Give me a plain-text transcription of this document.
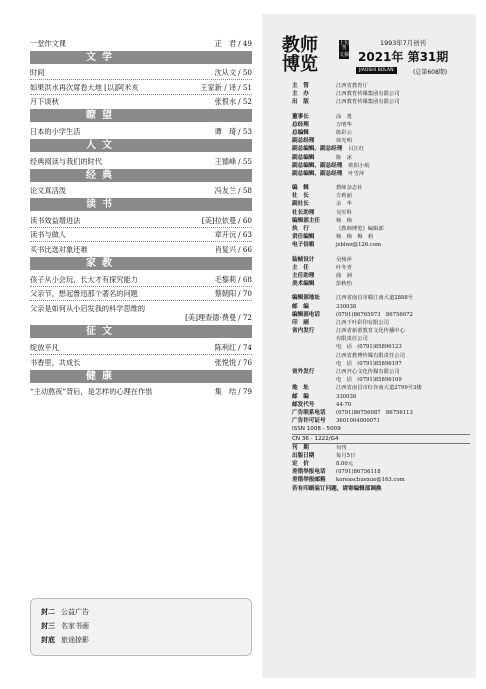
一堂作文课	正　君 / 49
文学
时间	沈从文 / 50
如果洪水再次席卷大地 [以]阿米亥	王家新 / 译 / 51
月下谈秋	张恨水 / 52
瞭望
日本的小学生活	谭　琦 / 53
人文
经典阅读与我们的时代	王德峰 / 55
经典
论文真活泼	冯友兰 / 58
读书
读书效益增进法	[美]拉依曼 / 60
读书与做人	章开沅 / 63
买书比选对象还难	肖复兴 / 66
家教
孩子从小会玩，长大才有探究能力	毛黎莉 / 68
父亲节，想起鲁迅那个著名的问题	蔡朝阳 / 70
父亲是如何从小启发我的科学思维的
[美]理查德·费曼 / 72
征文
绽放平凡	陈利红 / 74
书香里，共成长	张悦悦 / 76
健康
“主动熬夜”背后，是怎样的心理在作祟	集　结 / 79
封二 公益广告
封三 名家书画
封底 旅途掠影
教师
博览
上旬刊
文摘
1993年7月创刊
2021年 第31期
JIAOSHI BOLAN	(总第608期)
主　管	江西省教育厅
主　办	江西教育传媒集团有限公司
出　版	江西教育传媒集团有限公司
董事长	涂　勇
总经理	万明华
总编辑	陈彩云
副总经理	徐光明
副总编辑、副总经理 吕江红
副总编辑	陈　冰
副总编辑、副总经理 欧阳小航
副总编辑、副总经理 叶雪萍
编　辑	教师杂志社
社　长	方莉丽
副社长	余　华
社长助理	吴军科
编辑部主任	杨　梅
执　行	《教师博览》编辑部
责任编辑	杨　梅　梅　莉
电子信箱	jsblwz@126.com
装帧设计	吴杨萍
主　任	叶冬青
主任助理	曲　洲
美术编辑	彭秋怡
编辑部地址	江西省南昌市赣江南大道2888号
邮　编	330038
编辑部电话	(0791)86765973　86756072
印　刷	江西千叶彩印有限公司
省内发行	江西省新蕾教育文化传播中心
有限责任公司
电　话　(0791)85896123
江西省教博传媒有限责任公司
电　话　(0791)85896197
省外发行	江西开心文化传媒有限公司
电　话　(0791)85896109
地　址	江西省南昌市红谷南大道2799号3楼
邮　编	330038
邮发代号	44-70
广告联系电话	(0791)86756087　86756113
广告许可证号	3601004000071
ISSN 1008 - 5009
CN 36 - 1222/G4
刊　期	旬刊
出版日期	每月5日
定　价	8.00元
差错举报电话	(0791)86756118
差错举报邮箱	koreaschuexue@163.com
若有印刷装订问题，请寄编辑部调换
